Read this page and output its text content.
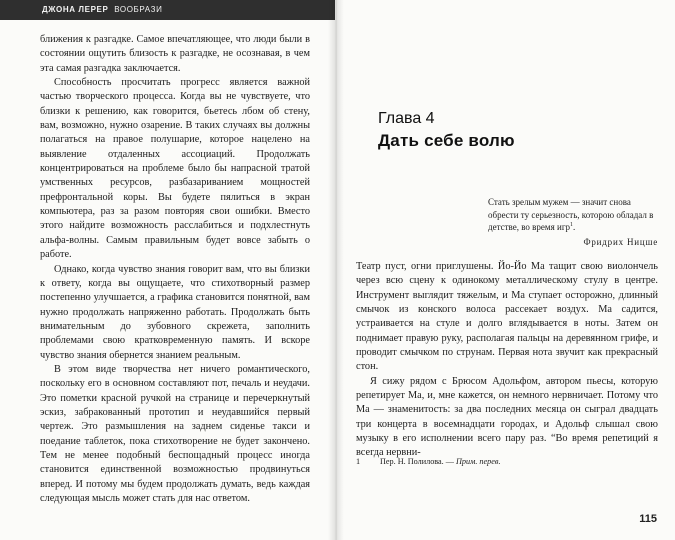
ДЖОНА ЛЕРЕР ВООБРАЗИ

ближения к разгадке. Самое впечатляющее, что люди были в состоянии ощутить близость к разгадке, не осознавая, в чем эта самая разгадка заключается.

Способность просчитать прогресс является важной частью творческого процесса. Когда вы не чувствуете, что близки к решению, как говорится, бьетесь лбом об стену, вам, возможно, нужно озарение. В таких случаях вы должны полагаться на правое полушарие, которое нацелено на выявление отдаленных ассоциаций. Продолжать концентрироваться на проблеме было бы напрасной тратой умственных ресурсов, разбазариванием мощностей префронтальной коры. Вы будете пялиться в экран компьютера, раз за разом повторяя свои ошибки. Вместо этого найдите возможность расслабиться и подхлестнуть альфа-волны. Самым правильным будет вовсе забыть о работе.

Однако, когда чувство знания говорит вам, что вы близки к ответу, когда вы ощущаете, что стихотворный размер постепенно улучшается, а графика становится понятной, вам нужно продолжать напряженно работать. Продолжать быть внимательным до зубовного скрежета, заполнить проблемами свою кратковременную память. И вскоре чувство знания обернется знанием реальным.

В этом виде творчества нет ничего романтического, поскольку его в основном составляют пот, печаль и неудачи. Это пометки красной ручкой на странице и перечеркнутый эскиз, забракованный прототип и неудавшийся первый чертеж. Это размышления на заднем сиденье такси и поедание таблеток, пока стихотворение не будет закончено. Тем не менее подобный беспощадный процесс иногда становится единственной возможностью продвинуться вперед. И потому мы будем продолжать думать, ведь каждая следующая мысль может стать для нас ответом.

Глава 4
Дать себе волю
Стать зрелым мужем — значит снова обрести ту серьезность, которою обладал в детстве, во время игр$^1$.
Фридрих Ницше

Театр пуст, огни приглушены. Йо-Йо Ма тащит свою виолончель через всю сцену к одинокому металлическому стулу в центре. Инструмент выглядит тяжелым, и Ма ступает осторожно, длинный смычок из конского волоса рассекает воздух. Ма садится, устраивается на стуле и долго вглядывается в ноты. Затем он поднимает правую руку, располагая пальцы на деревянном грифе, и проводит смычком по струнам. Первая нота звучит как прекрасный стон.

Я сижу рядом с Брюсом Адольфом, автором пьесы, которую репетирует Ма, и, мне кажется, он немного нервничает. Потому что Ма — знаменитость: за два последних месяца он сыграл двадцать три концерта в восемнадцати городах, и Адольф слышал свою музыку в его исполнении всего пару раз. “Во время репетиций я всегда нервни-

1 Пер. Н. Полилова. — Прим. перев.
115
